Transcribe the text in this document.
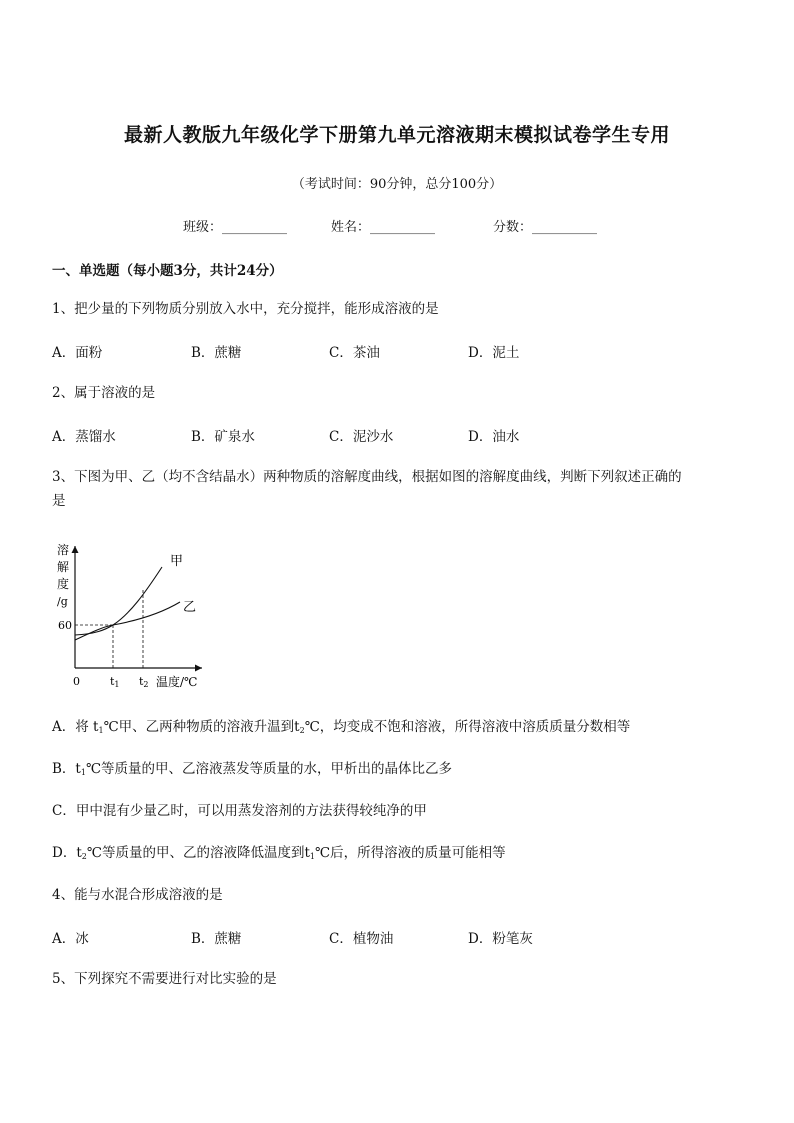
最新人教版九年级化学下册第九单元溶液期末模拟试卷学生专用
（考试时间：90分钟，总分100分）
班级：__________	姓名：__________	分数：__________
一、单选题（每小题3分，共计24分）
1、把少量的下列物质分别放入水中，充分搅拌，能形成溶液的是
A．面粉	B．蔗糖	C．茶油	D．泥土
2、属于溶液的是
A．蒸馏水	B．矿泉水	C．泥沙水	D．油水
3、下图为甲、乙（均不含结晶水）两种物质的溶解度曲线，根据如图的溶解度曲线，判断下列叙述正确的
是
溶
解
度
/g
60
甲
乙
0	t1 t2 温度/℃
A．将 $t_1℃$甲、乙两种物质的溶液升温到$t_2℃$，均变成不饱和溶液，所得溶液中溶质质量分数相等
B．$t_1℃$等质量的甲、乙溶液蒸发等质量的水，甲析出的晶体比乙多
C．甲中混有少量乙时，可以用蒸发溶剂的方法获得较纯净的甲
D．$t_2℃$等质量的甲、乙的溶液降低温度到$t_1℃$后，所得溶液的质量可能相等
4、能与水混合形成溶液的是
A．冰	B．蔗糖	C．植物油	D．粉笔灰
5、下列探究不需要进行对比实验的是
